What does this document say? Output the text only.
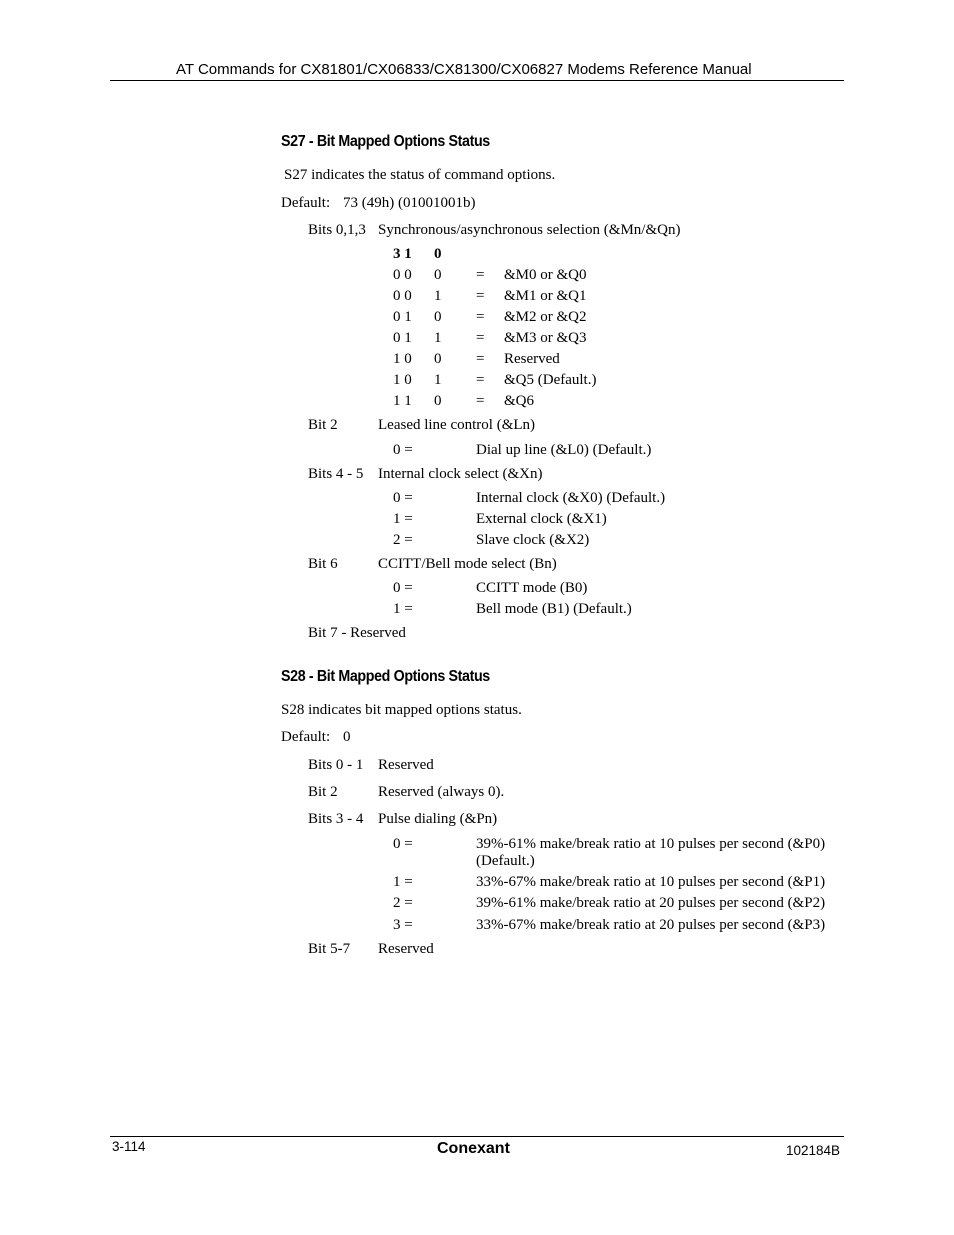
AT Commands for CX81801/CX06833/CX81300/CX06827 Modems Reference Manual
S27 - Bit Mapped Options Status
S27 indicates the status of command options.
Default: 73 (49h) (01001001b)
Bits 0,1,3 Synchronous/asynchronous selection (&Mn/&Qn)
3 1 0
0 0 0 = &M0 or &Q0
0 0 1 = &M1 or &Q1
0 1 0 = &M2 or &Q2
0 1 1 = &M3 or &Q3
1 0 0 = Reserved
1 0 1 = &Q5 (Default.)
1 1 0 = &Q6
Bit 2	Leased line control (&Ln)
0 =	Dial up line (&L0) (Default.)
Bits 4 - 5 Internal clock select (&Xn)
0 =	Internal clock (&X0) (Default.)
1 =	External clock (&X1)
2 =	Slave clock (&X2)
Bit 6	CCITT/Bell mode select (Bn)
0 =	CCITT mode (B0)
1 =	Bell mode (B1) (Default.)
Bit 7 - Reserved
S28 - Bit Mapped Options Status
S28 indicates bit mapped options status.
Default: 0
Bits 0 - 1 Reserved
Bit 2	Reserved (always 0).
Bits 3 - 4 Pulse dialing (&Pn)
0 =	39%-61% make/break ratio at 10 pulses per second (&P0)
(Default.)
1 =	33%-67% make/break ratio at 10 pulses per second (&P1)
2 =	39%-61% make/break ratio at 20 pulses per second (&P2)
3 =	33%-67% make/break ratio at 20 pulses per second (&P3)
Bit 5-7 Reserved
3-114	Conexant	102184B
